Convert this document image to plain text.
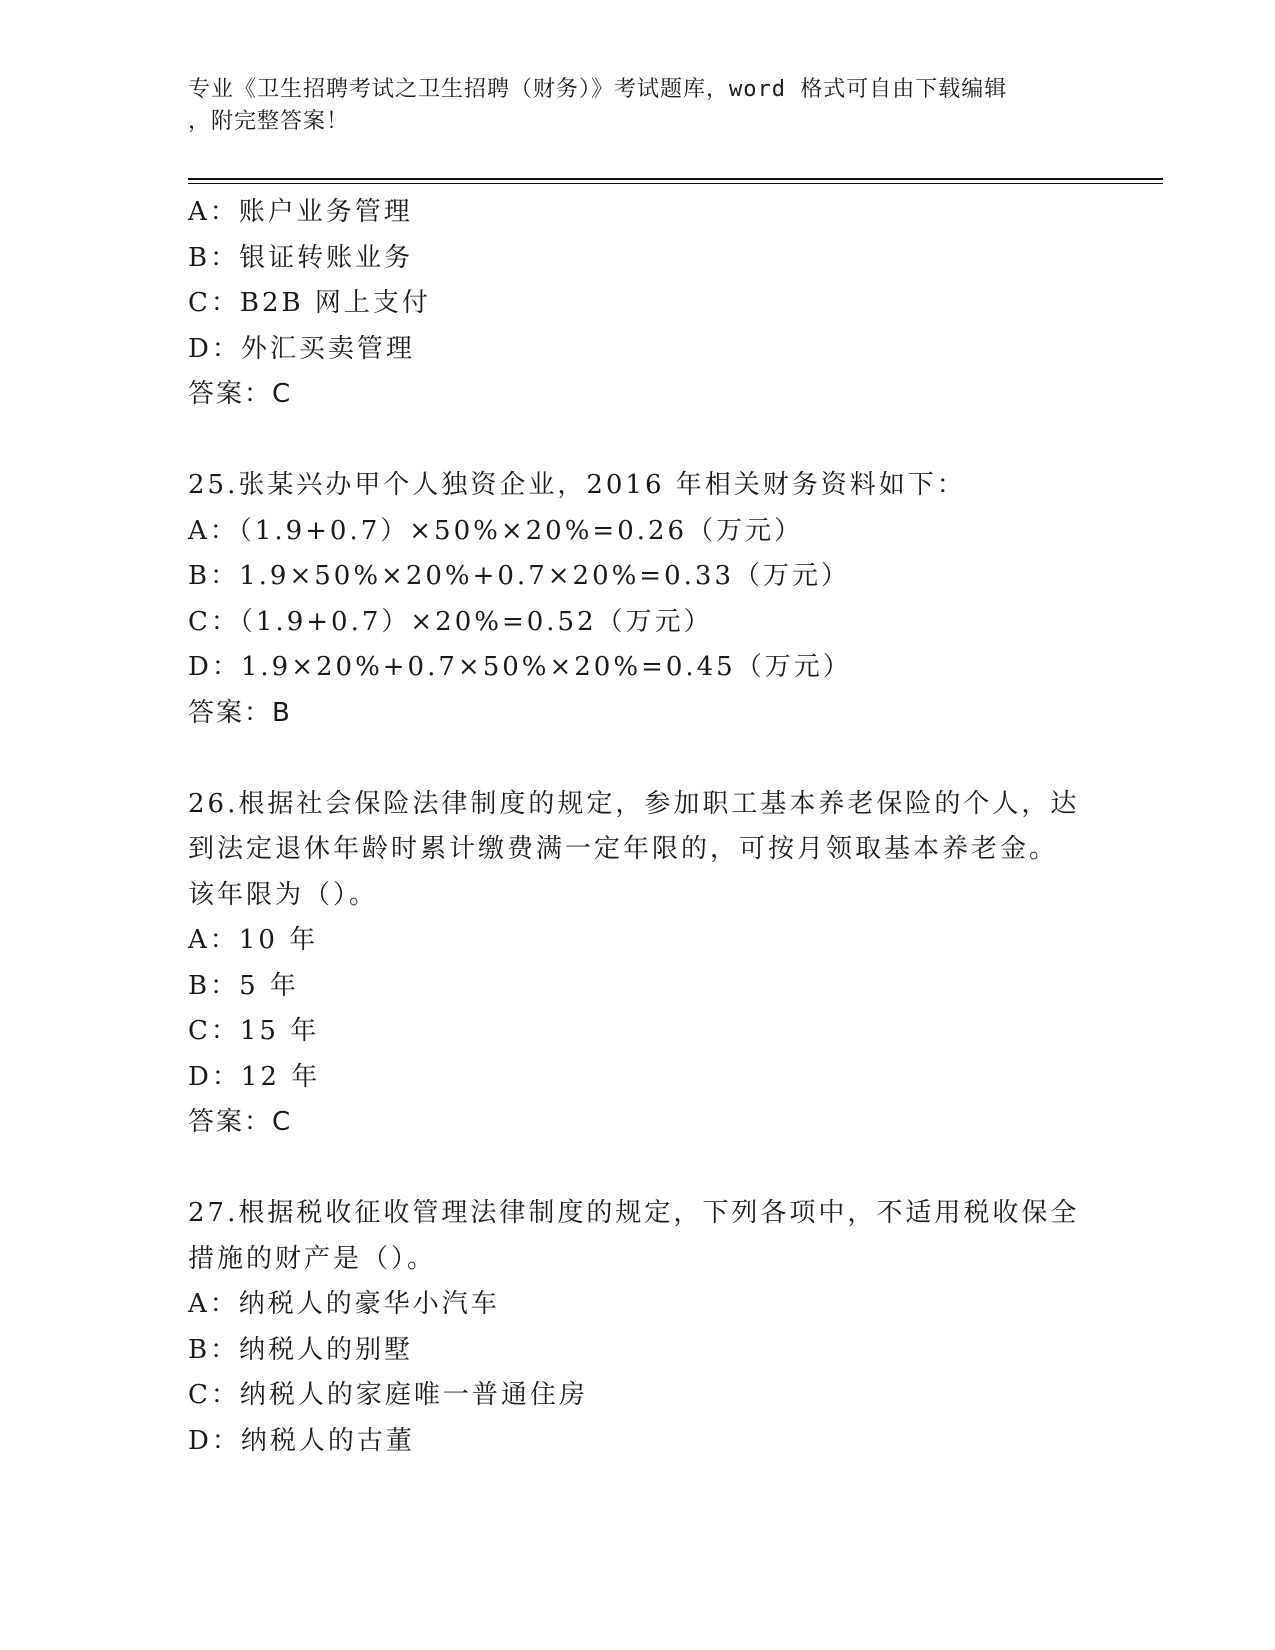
专业《卫生招聘考试之卫生招聘（财务）》考试题库，word 格式可自由下载编辑
，附完整答案！
A：账户业务管理
B：银证转账业务
C：B2B 网上支付
D：外汇买卖管理
答案：C
25.张某兴办甲个人独资企业，2016 年相关财务资料如下：
A：（1.9+0.7）×50%×20%=0.26（万元）
B：1.9×50%×20%+0.7×20%=0.33（万元）
C：（1.9+0.7）×20%=0.52（万元）
D：1.9×20%+0.7×50%×20%=0.45（万元）
答案：B
26.根据社会保险法律制度的规定，参加职工基本养老保险的个人，达
到法定退休年龄时累计缴费满一定年限的，可按月领取基本养老金。
该年限为（）。
A：10 年
B：5 年
C：15 年
D：12 年
答案：C
27.根据税收征收管理法律制度的规定，下列各项中，不适用税收保全
措施的财产是（）。
A：纳税人的豪华小汽车
B：纳税人的别墅
C：纳税人的家庭唯一普通住房
D：纳税人的古董
